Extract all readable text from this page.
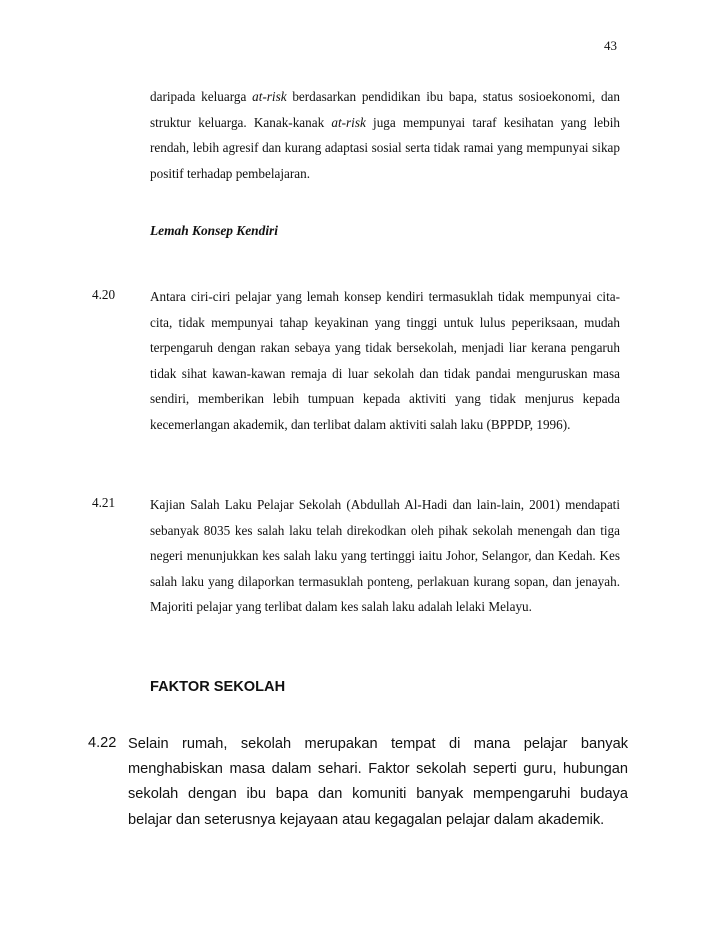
43
daripada keluarga at-risk berdasarkan pendidikan ibu bapa, status sosioekonomi, dan struktur keluarga. Kanak-kanak at-risk juga mempunyai taraf kesihatan yang lebih rendah, lebih agresif dan kurang adaptasi sosial serta tidak ramai yang mempunyai sikap positif terhadap pembelajaran.
Lemah Konsep Kendiri
4.20	Antara ciri-ciri pelajar yang lemah konsep kendiri termasuklah tidak mempunyai cita-cita, tidak mempunyai tahap keyakinan yang tinggi untuk lulus peperiksaan, mudah terpengaruh dengan rakan sebaya yang tidak bersekolah, menjadi liar kerana pengaruh tidak sihat kawan-kawan remaja di luar sekolah dan tidak pandai menguruskan masa sendiri, memberikan lebih tumpuan kepada aktiviti yang tidak menjurus kepada kecemerlangan akademik, dan terlibat dalam aktiviti salah laku (BPPDP, 1996).
4.21	Kajian Salah Laku Pelajar Sekolah (Abdullah Al-Hadi dan lain-lain, 2001) mendapati sebanyak 8035 kes salah laku telah direkodkan oleh pihak sekolah menengah dan tiga negeri menunjukkan kes salah laku yang tertinggi iaitu Johor, Selangor, dan Kedah. Kes salah laku yang dilaporkan termasuklah ponteng, perlakuan kurang sopan, dan jenayah. Majoriti pelajar yang terlibat dalam kes salah laku adalah lelaki Melayu.
FAKTOR SEKOLAH
4.22 Selain rumah, sekolah merupakan tempat di mana pelajar banyak menghabiskan masa dalam sehari. Faktor sekolah seperti guru, hubungan sekolah dengan ibu bapa dan komuniti banyak mempengaruhi budaya belajar dan seterusnya kejayaan atau kegagalan pelajar dalam akademik.
